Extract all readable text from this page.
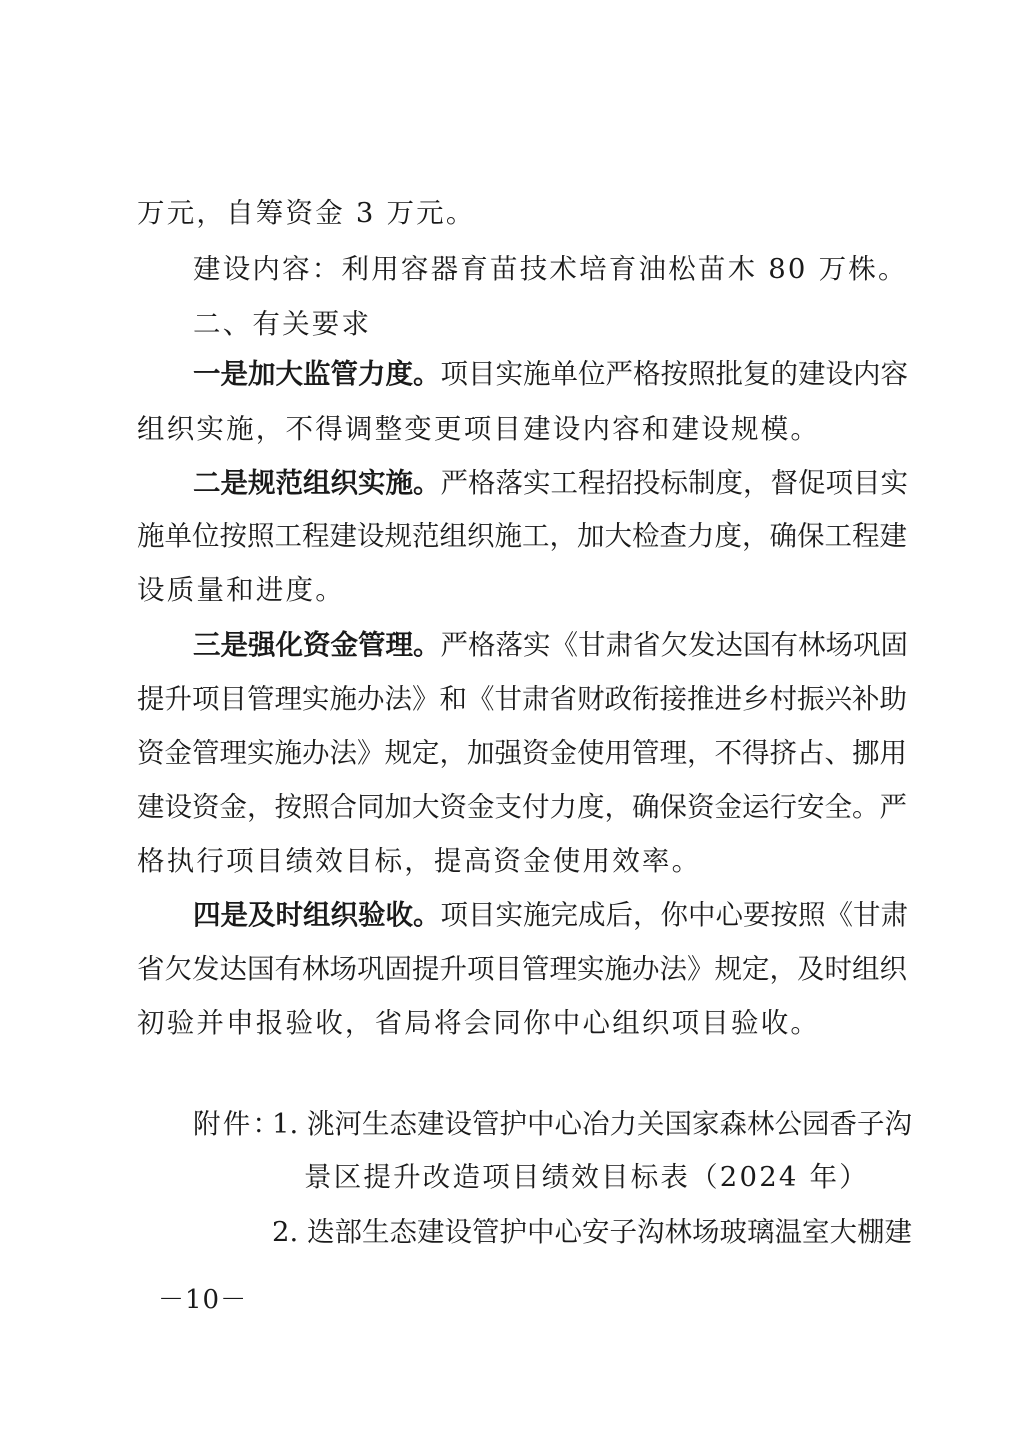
万元，自筹资金 3 万元。
建设内容：利用容器育苗技术培育油松苗木 80 万株。
二、有关要求
一是加大监管力度。项目实施单位严格按照批复的建设内容
组织实施，不得调整变更项目建设内容和建设规模。
二是规范组织实施。严格落实工程招投标制度，督促项目实
施单位按照工程建设规范组织施工，加大检查力度，确保工程建
设质量和进度。
三是强化资金管理。严格落实《甘肃省欠发达国有林场巩固
提升项目管理实施办法》和《甘肃省财政衔接推进乡村振兴补助
资金管理实施办法》规定，加强资金使用管理，不得挤占、挪用
建设资金，按照合同加大资金支付力度，确保资金运行安全。严
格执行项目绩效目标，提高资金使用效率。
四是及时组织验收。项目实施完成后，你中心要按照《甘肃
省欠发达国有林场巩固提升项目管理实施办法》规定，及时组织
初验并申报验收，省局将会同你中心组织项目验收。
附件：
1. 洮河生态建设管护中心冶力关国家森林公园香子沟
景区提升改造项目绩效目标表（2024 年）
2. 迭部生态建设管护中心安子沟林场玻璃温室大棚建
－10－
